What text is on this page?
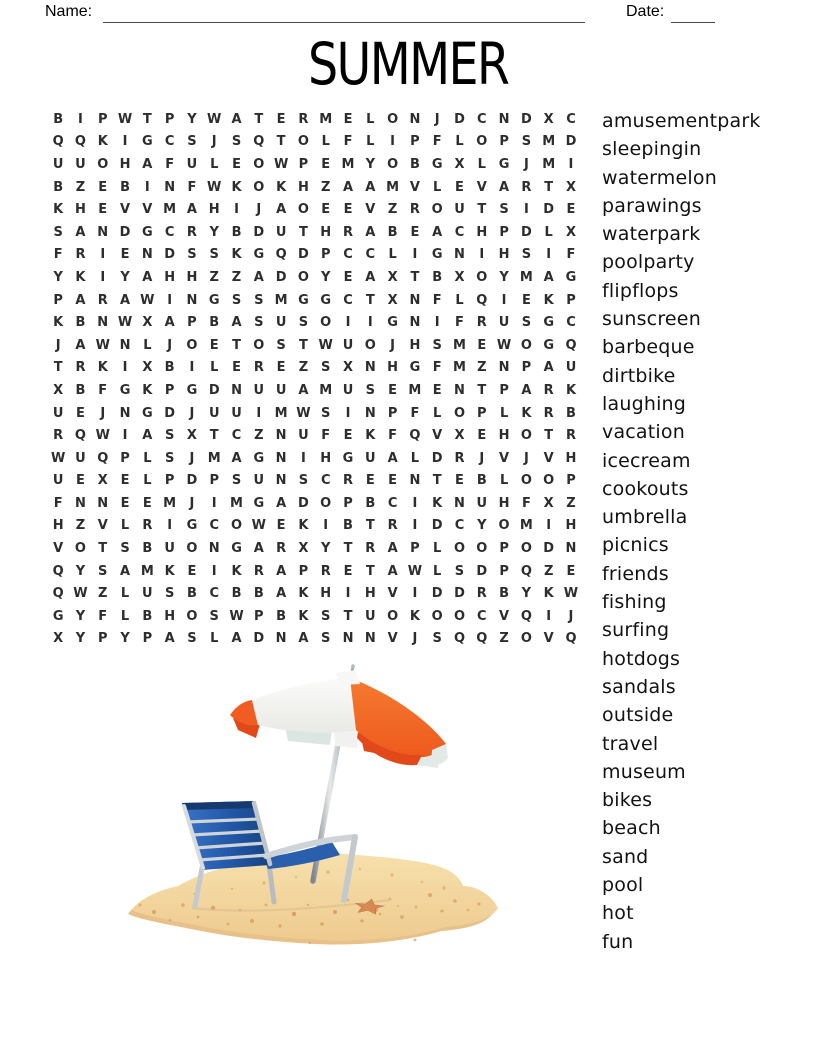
Name:	Date:
SUMMER
B	I	P W T	P Y W A T	E R M E	L O N	J	D C N D X C
Q Q K	I	G C S	J	S Q T O L	F	L	I	P	F	L O P S M D
U U O H A F U L	E O W P	E M Y O B G X	L G	J	M	I
B Z	E B	I	N F W K O K H Z A A M V	L	E V A R T X
K H E V V M A H	I	J	A O E	E V Z R O U T	S	I	D E
S A N D G C R Y B D U T H R A B E A C H P D L	X
F R	I	E N D S S K G Q D P C C	L	I	G N	I	H S	I	F
Y K	I	Y A H H Z Z A D O Y	E A X T B X O Y M A G
P A R A W I	N G S S M G G C	T X N F	L Q	I	E K P
K B N W X A P B A S U S O	I	I	G N	I	F R U S G C
J	A W N L	J	O E	T O S	T W U O	J	H S M E W O G Q
T R K	I	X B	I	L	E R E	Z S X N H G F M Z N P A U
X B F G K P G D N U U A M U S	E M E N T	P A R K
U E	J	N G D	J	U U	I	M W S	I	N P	F	L O P	L	K R B
R Q W I	A S X T	C Z N U F	E K F Q V X E H O T R
W U Q P	L	S	J	M A G N	I	H G U A	L D R	J	V	J	V H
U E X E	L	P D P S U N S C R E	E N T	E B	L O O P
F N N E	E M	J	I	M G A D O P B C	I	K N U H F X Z
H Z V	L	R	I	G C O W E K	I	B T R	I	D C Y O M	I	H
V O T	S B U O N G A R X Y	T R A P	L O O P O D N
Q Y S A M K E	I	K R A P R E	T A W L	S D P Q Z	E
Q W Z	L U S B C B B A K H	I	H V	I	D D R B Y K W
G Y	F	L	B H O S W P B K S	T U O K O O C V Q	I	J
X Y P Y P A S	L	A D N A S N N V	J	S Q Q Z O V Q
amusementpark
sleepingin
watermelon
parawings
waterpark
poolparty
flipflops
sunscreen
barbeque
dirtbike
laughing
vacation
icecream
cookouts
umbrella
picnics
friends
fishing
surfing
hotdogs
sandals
outside
travel
museum
bikes
beach
sand
pool
hot
fun
